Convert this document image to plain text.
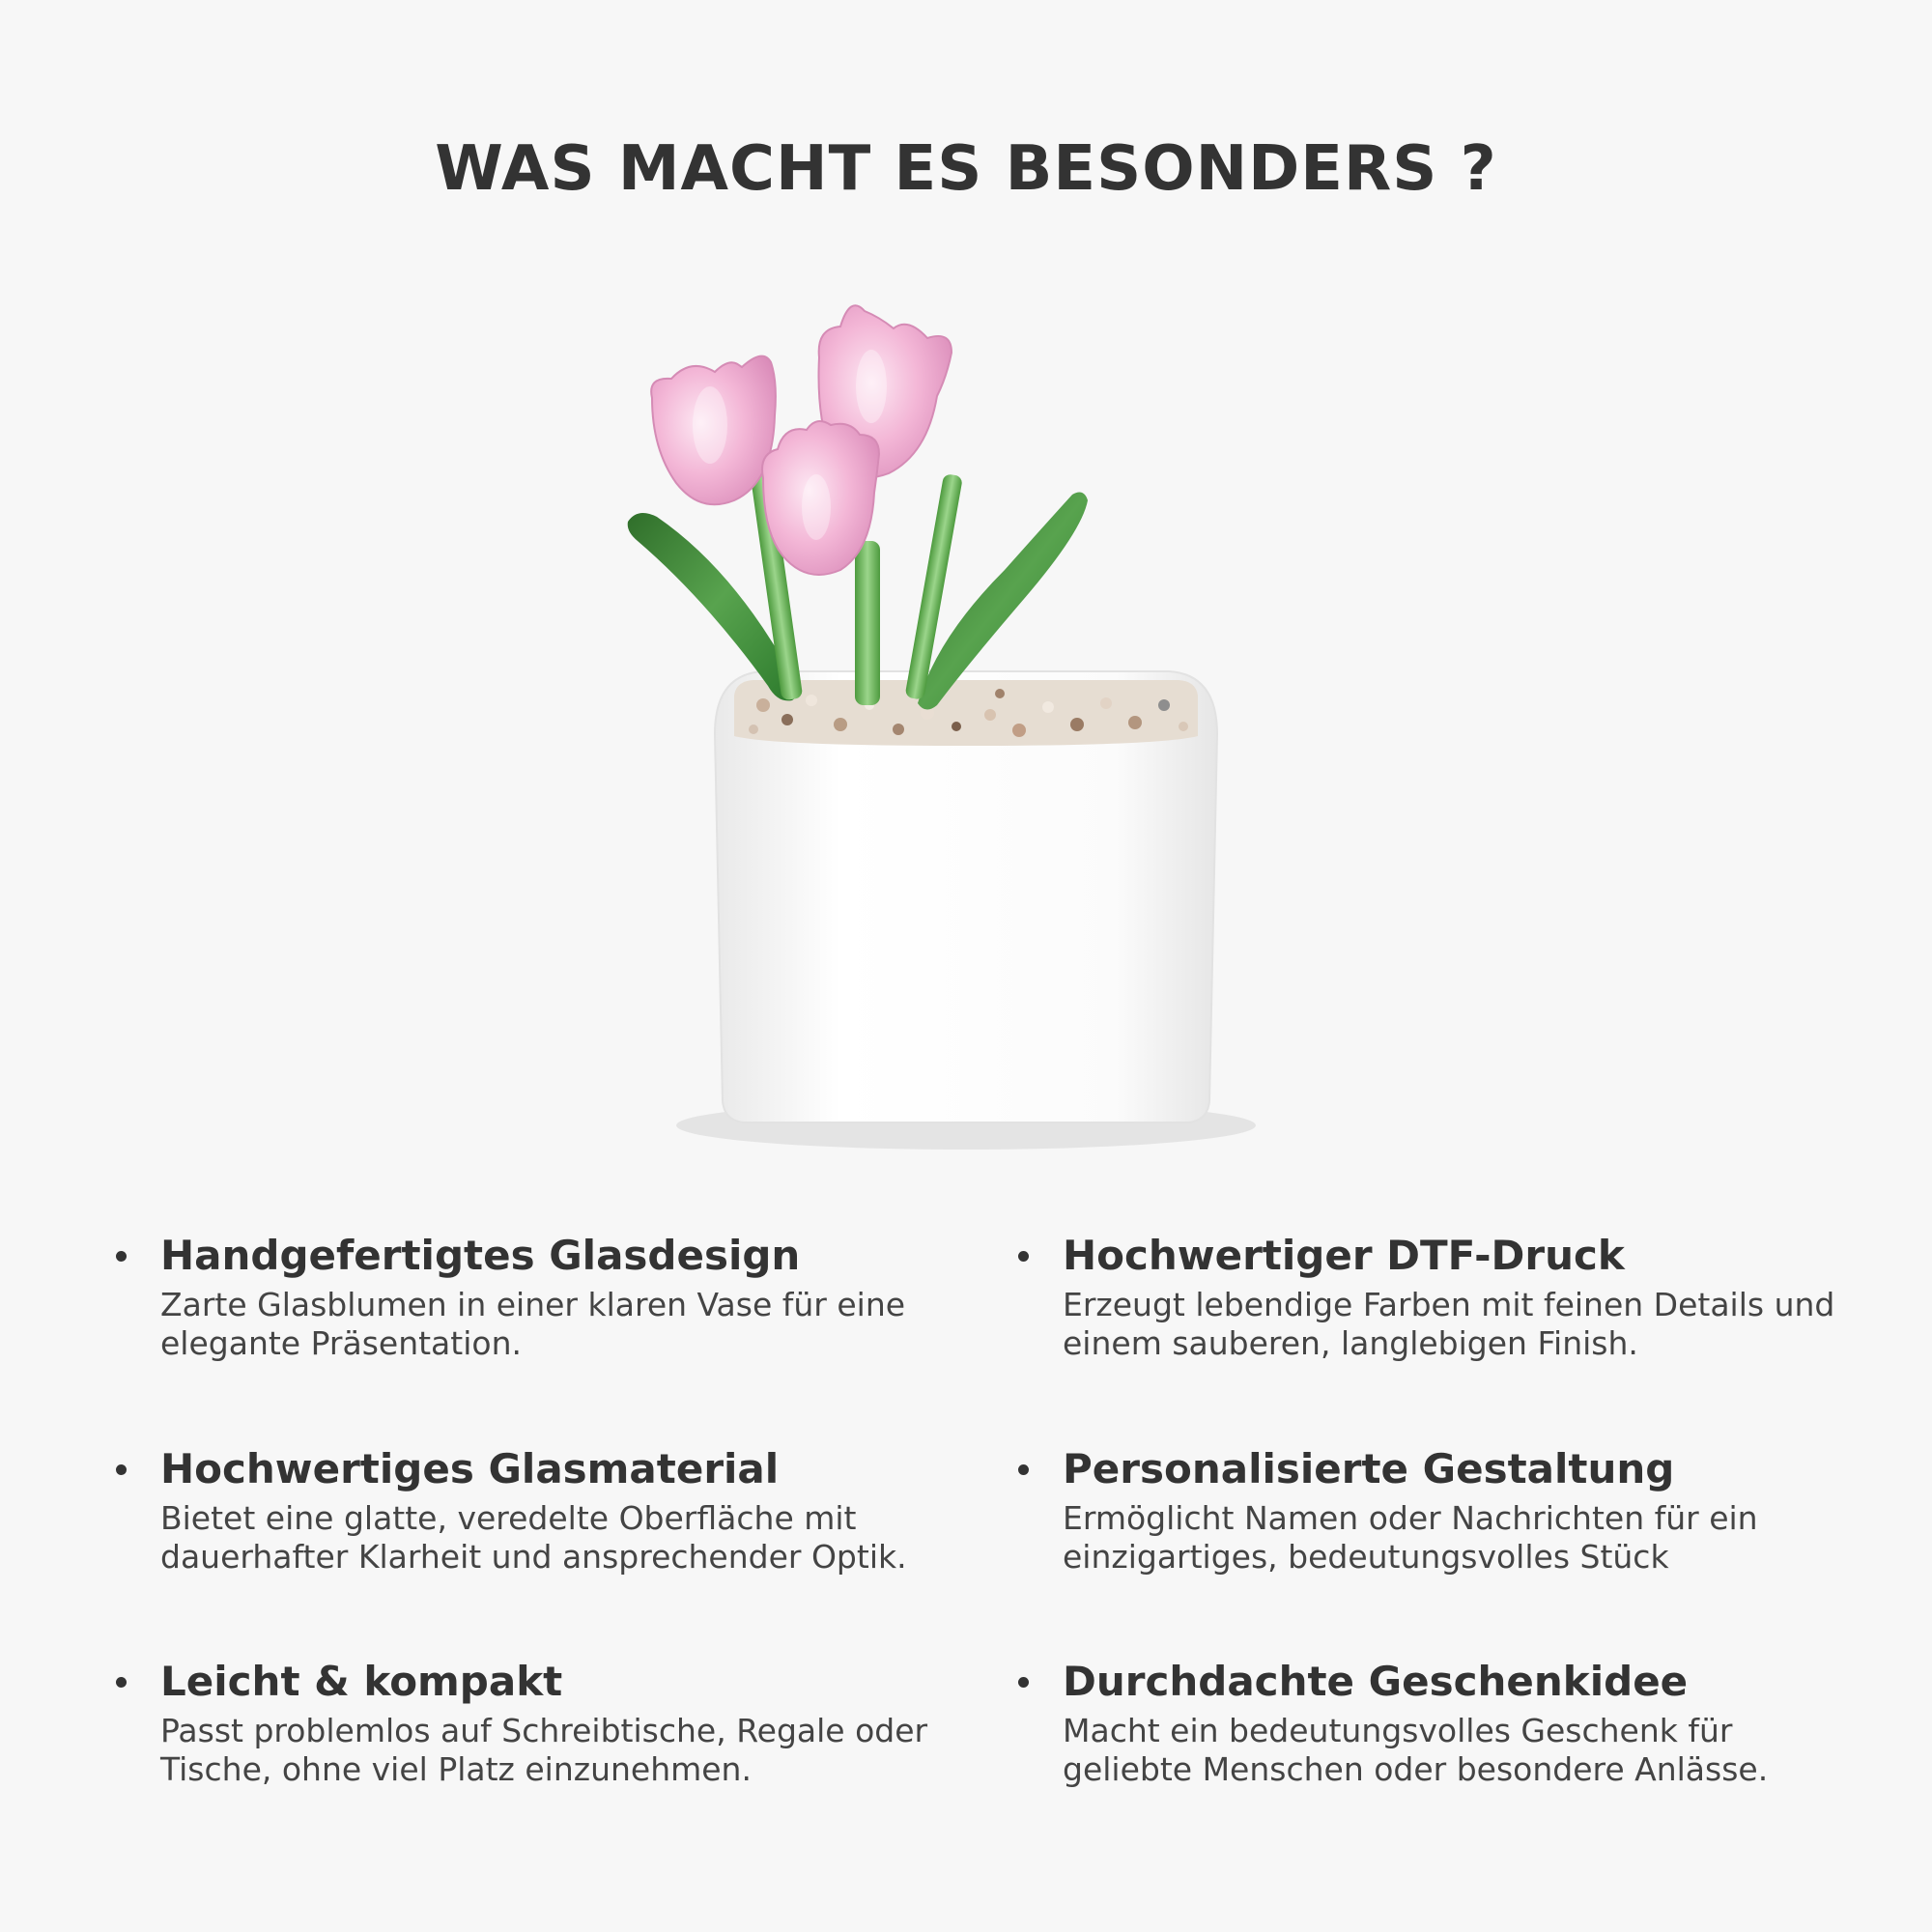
WAS MACHT ES BESONDERS ?
Handgefertigtes Glasdesign
Zarte Glasblumen in einer klaren Vase für eine elegante Präsentation.
Hochwertiger DTF-Druck
Erzeugt lebendige Farben mit feinen Details und einem sauberen, langlebigen Finish.
Hochwertiges Glasmaterial
Bietet eine glatte, veredelte Oberfläche mit dauerhafter Klarheit und ansprechender Optik.
Personalisierte Gestaltung
Ermöglicht Namen oder Nachrichten für ein einzigartiges, bedeutungsvolles Stück
Leicht & kompakt
Passt problemlos auf Schreibtische, Regale oder Tische, ohne viel Platz einzunehmen.
Durchdachte Geschenkidee
Macht ein bedeutungsvolles Geschenk für geliebte Menschen oder besondere Anlässe.
